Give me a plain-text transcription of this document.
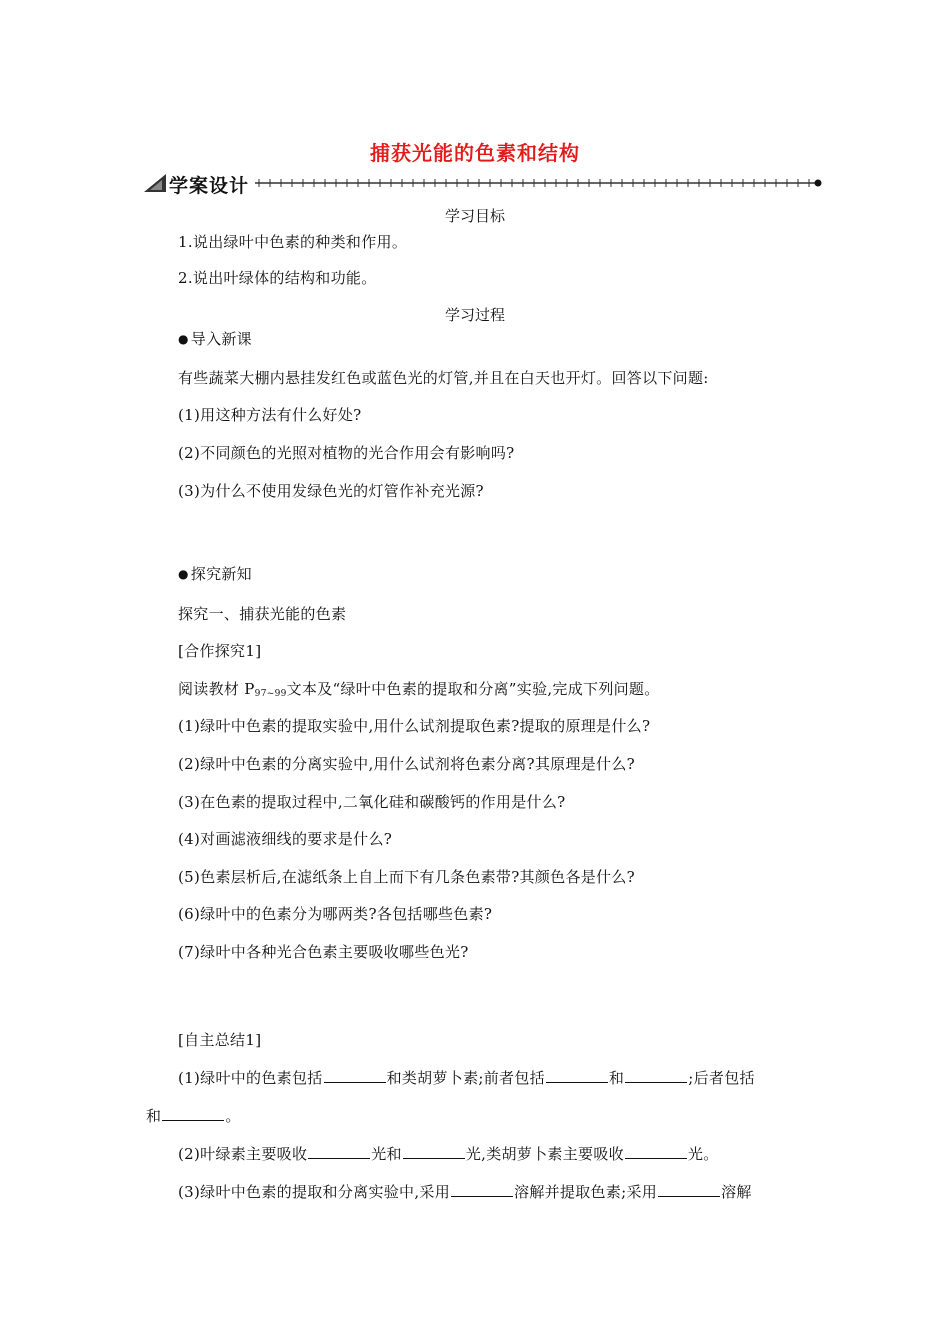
捕获光能的色素和结构
学案设计
学习目标
1.说出绿叶中色素的种类和作用。
2.说出叶绿体的结构和功能。
学习过程
● 导入新课
有些蔬菜大棚内悬挂发红色或蓝色光的灯管,并且在白天也开灯。回答以下问题:
(1)用这种方法有什么好处?
(2)不同颜色的光照对植物的光合作用会有影响吗?
(3)为什么不使用发绿色光的灯管作补充光源?
● 探究新知
探究一、捕获光能的色素
[合作探究1]
阅读教材 $P_{97\sim 99}$文本及“绿叶中色素的提取和分离”实验,完成下列问题。
(1)绿叶中色素的提取实验中,用什么试剂提取色素?提取的原理是什么?
(2)绿叶中色素的分离实验中,用什么试剂将色素分离?其原理是什么?
(3)在色素的提取过程中,二氧化硅和碳酸钙的作用是什么?
(4)对画滤液细线的要求是什么?
(5)色素层析后,在滤纸条上自上而下有几条色素带?其颜色各是什么?
(6)绿叶中的色素分为哪两类?各包括哪些色素?
(7)绿叶中各种光合色素主要吸收哪些色光?
[自主总结1]
(1)绿叶中的色素包括	和类胡萝卜素;前者包括	和	;后者包括
和	。
(2)叶绿素主要吸收	光和	光,类胡萝卜素主要吸收	光。
(3)绿叶中色素的提取和分离实验中,采用	溶解并提取色素;采用	溶解
